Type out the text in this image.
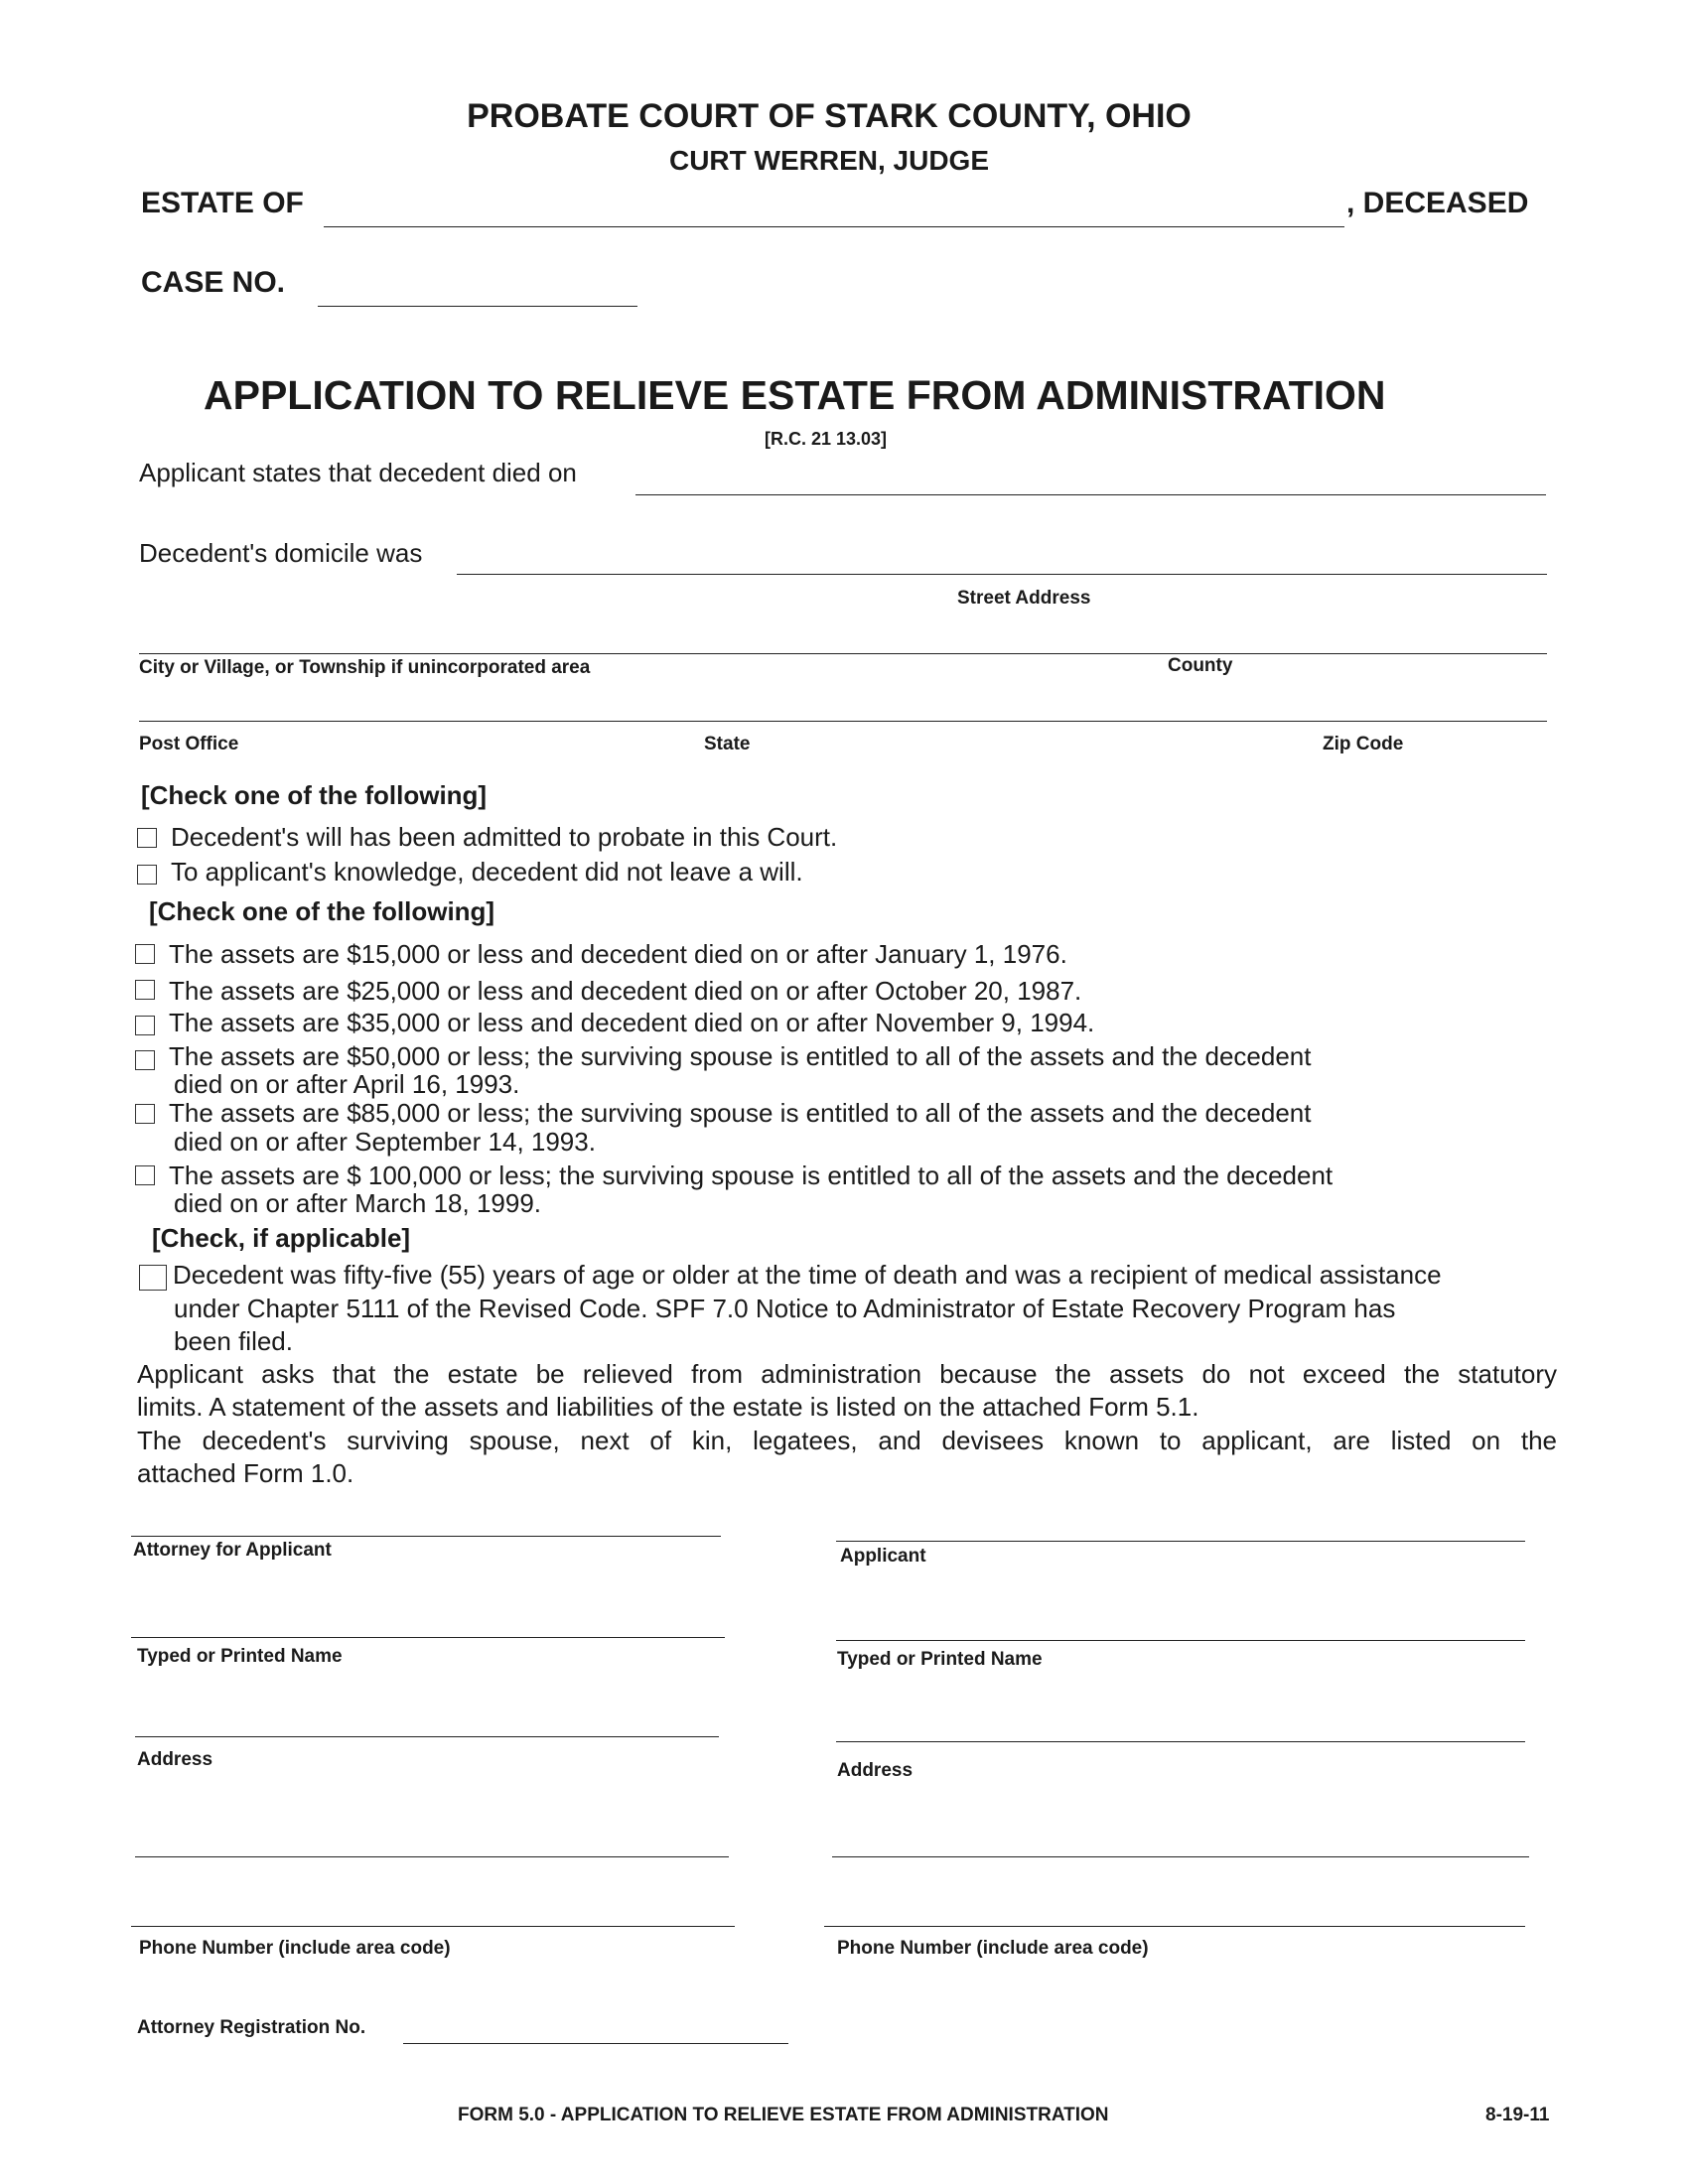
PROBATE COURT OF STARK COUNTY, OHIO
CURT WERREN, JUDGE
ESTATE OF	, DECEASED
CASE NO.
APPLICATION TO RELIEVE ESTATE FROM ADMINISTRATION
[R.C. 21 13.03]
Applicant states that decedent died on
Decedent's domicile was
Street Address
City or Village, or Township if unincorporated area	County
Post Office	State	Zip Code
[Check one of the following]
Decedent's will has been admitted to probate in this Court.
To applicant's knowledge, decedent did not leave a will.
[Check one of the following]
The assets are $15,000 or less and decedent died on or after January 1, 1976.
The assets are $25,000 or less and decedent died on or after October 20, 1987.
The assets are $35,000 or less and decedent died on or after November 9, 1994.
The assets are $50,000 or less; the surviving spouse is entitled to all of the assets and the decedent
died on or after April 16, 1993.
The assets are $85,000 or less; the surviving spouse is entitled to all of the assets and the decedent
died on or after September 14, 1993.
The assets are $ 100,000 or less; the surviving spouse is entitled to all of the assets and the decedent
died on or after March 18, 1999.
[Check, if applicable]
Decedent was fifty-five (55) years of age or older at the time of death and was a recipient of medical assistance
under Chapter 5111 of the Revised Code. SPF 7.0 Notice to Administrator of Estate Recovery Program has
been filed.
Applicant asks that the estate be relieved from administration because the assets do not exceed the statutory
limits. A statement of the assets and liabilities of the estate is listed on the attached Form 5.1.
The decedent's surviving spouse, next of kin, legatees, and devisees known to applicant, are listed on the
attached Form 1.0.
Attorney for Applicant
Typed or Printed Name
Address
Phone Number (include area code)
Attorney Registration No.
Applicant
Typed or Printed Name
Address
Phone Number (include area code)
FORM 5.0 - APPLICATION TO RELIEVE ESTATE FROM ADMINISTRATION	8-19-11
